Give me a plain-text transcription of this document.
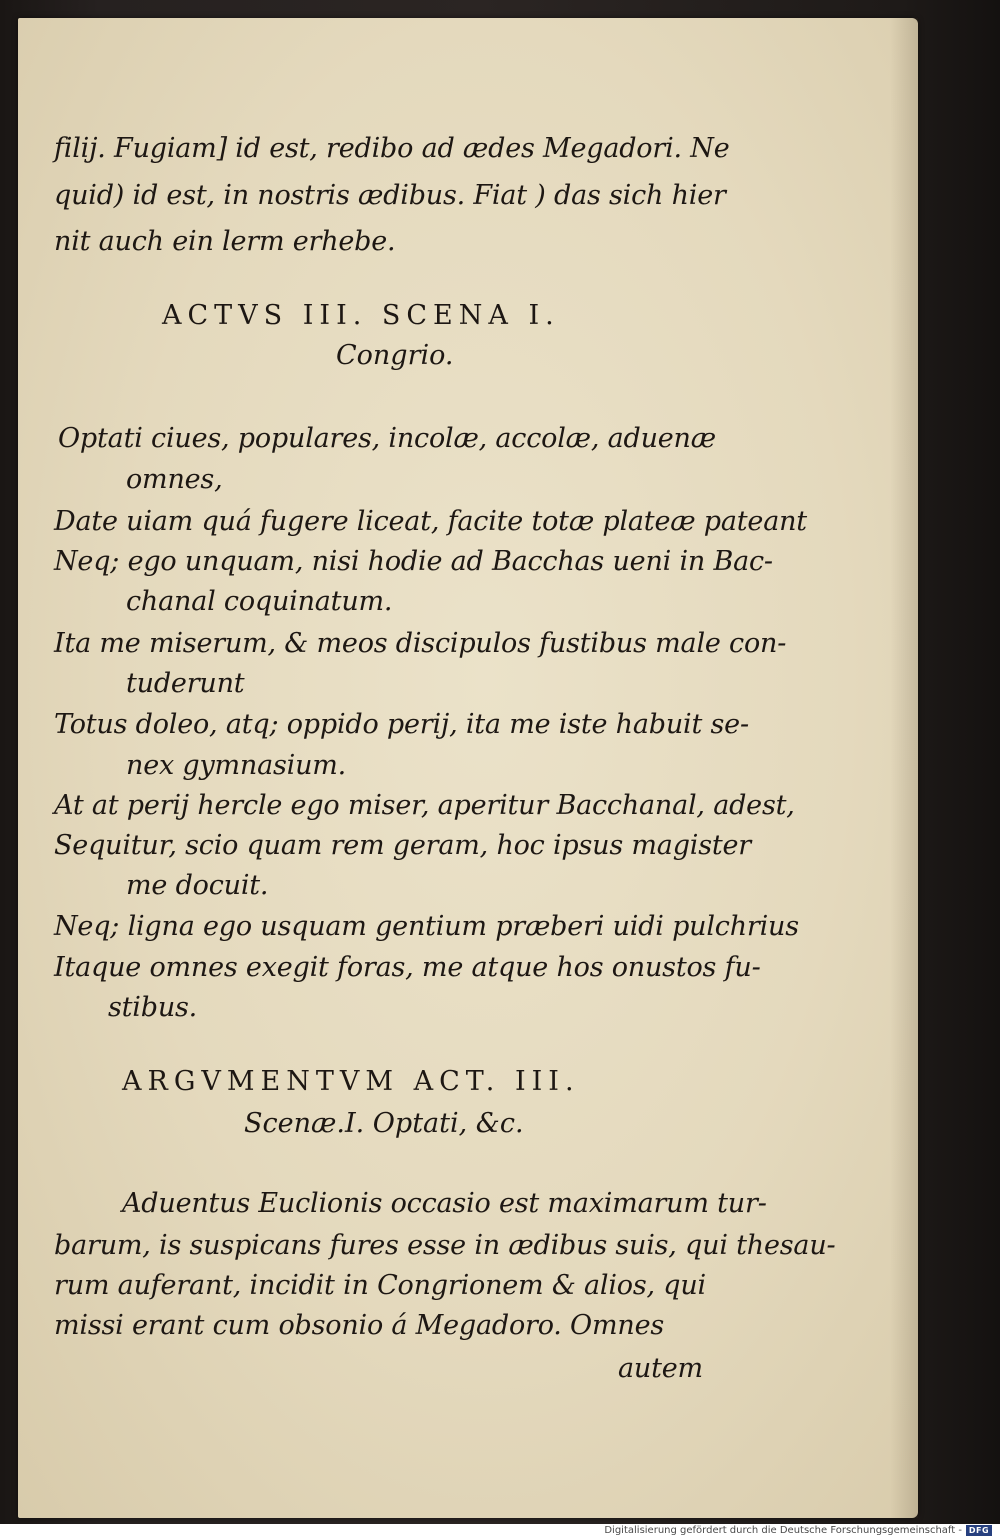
filij. Fugiam] id est, redibo ad ædes Megadori. Ne
quid) id est, in nostris ædibus. Fiat ) das sich hier
nit auch ein lerm erhebe.
ACTVS III. SCENA I.
Congrio.
Optati ciues, populares, incolæ, accolæ, aduenæ
omnes,
Date uiam quá fugere liceat, facite totæ plateæ pateant
Neq; ego unquam, nisi hodie ad Bacchas ueni in Bac-
chanal coquinatum.
Ita me miserum, & meos discipulos fustibus male con-
tuderunt
Totus doleo, atq; oppido perij, ita me iste habuit se-
nex gymnasium.
At at perij hercle ego miser, aperitur Bacchanal, adest,
Sequitur, scio quam rem geram, hoc ipsus magister
me docuit.
Neq; ligna ego usquam gentium præberi uidi pulchrius
Itaque omnes exegit foras, me atque hos onustos fu-
stibus.
ARGVMENTVM ACT. III.
Scenæ.I. Optati, &c.
Aduentus Euclionis occasio est maximarum tur-
barum, is suspicans fures esse in ædibus suis, qui thesau-
rum auferant, incidit in Congrionem & alios, qui
missi erant cum obsonio á Megadoro. Omnes
autem
Digitalisierung gefördert durch die Deutsche Forschungsgemeinschaft - DFG
